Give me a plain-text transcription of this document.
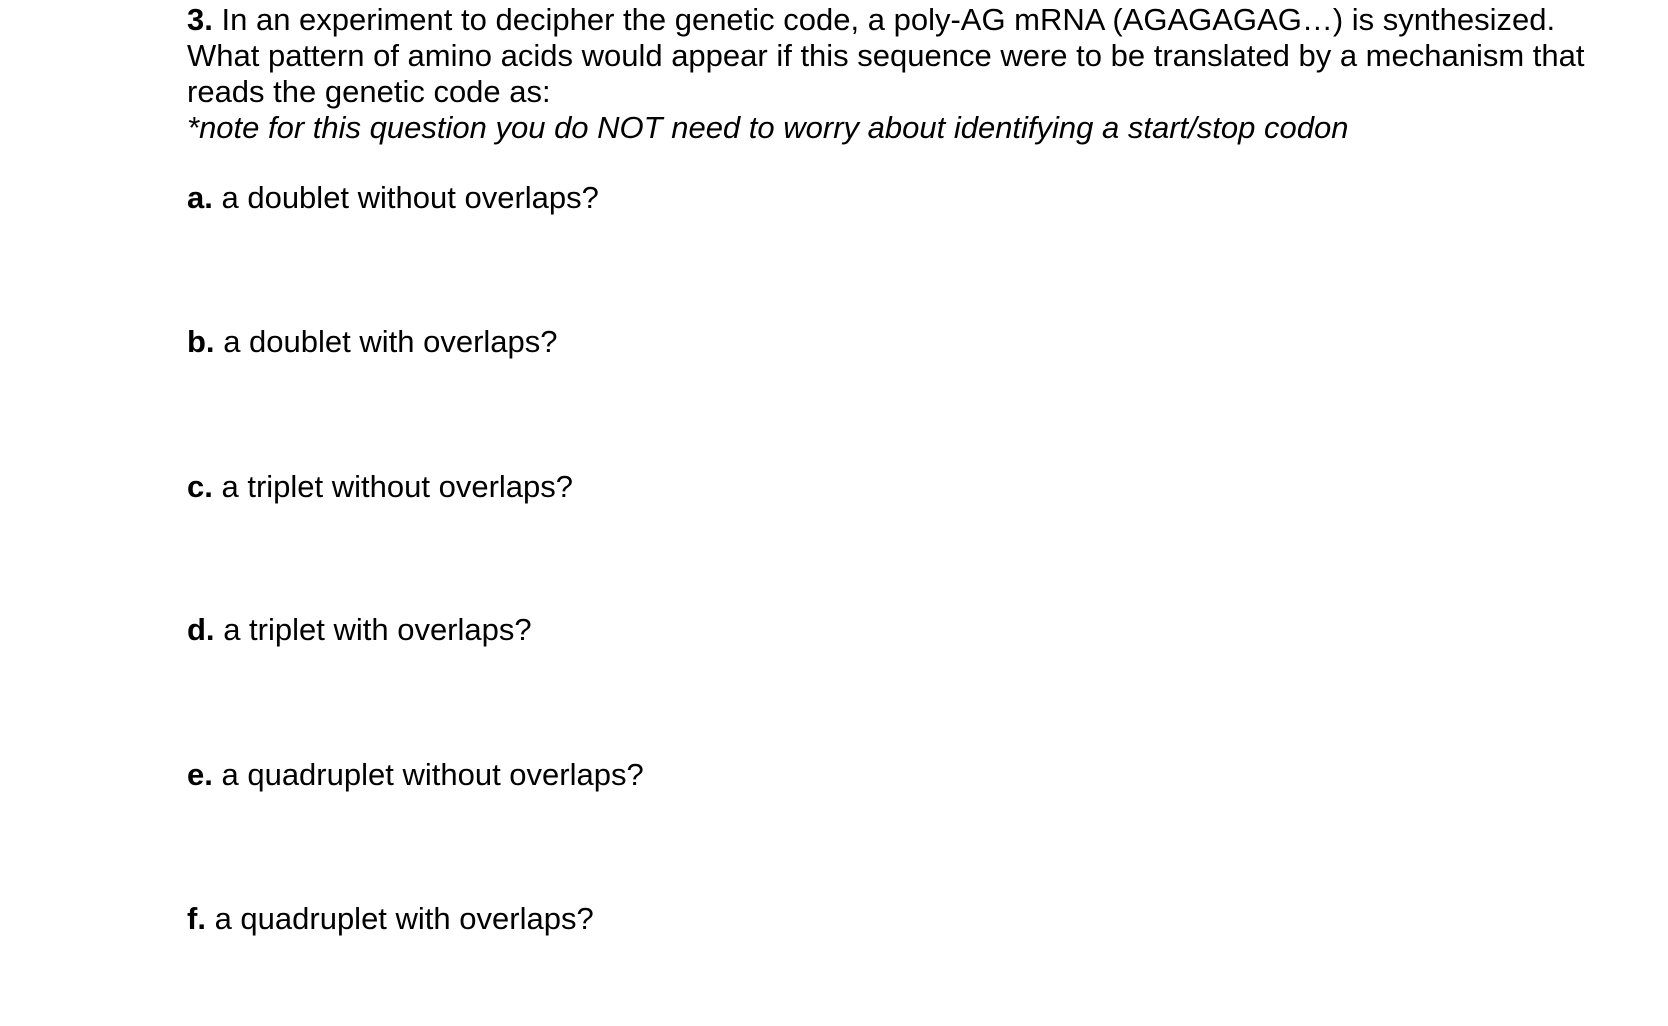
3. In an experiment to decipher the genetic code, a poly-AG mRNA (AGAGAGAG…) is synthesized. What pattern of amino acids would appear if this sequence were to be translated by a mechanism that reads the genetic code as:

*note for this question you do NOT need to worry about identifying a start/stop codon

a. a doublet without overlaps?

b. a doublet with overlaps?

c. a triplet without overlaps?

d. a triplet with overlaps?

e. a quadruplet without overlaps?

f. a quadruplet with overlaps?
